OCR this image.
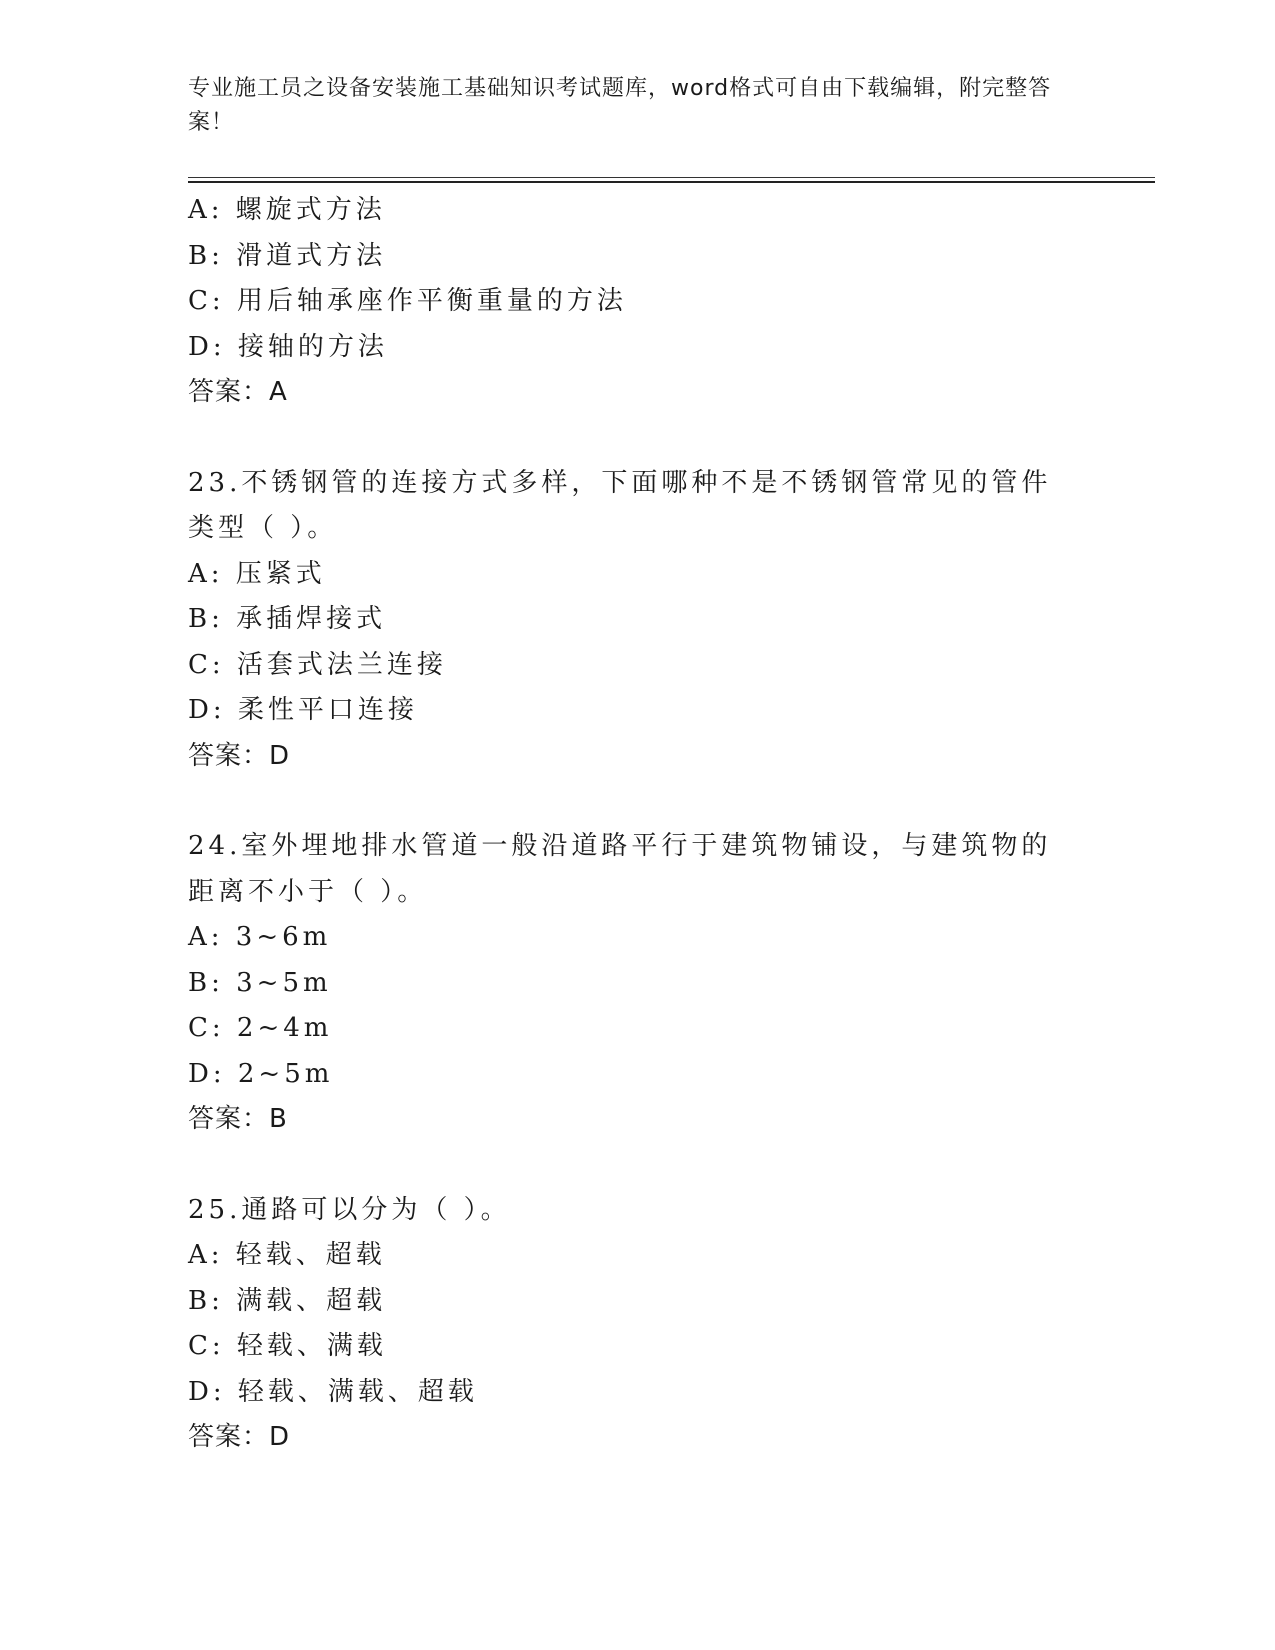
专业施工员之设备安装施工基础知识考试题库，word格式可自由下载编辑，附完整答案！
A: 螺旋式方法
B: 滑道式方法
C: 用后轴承座作平衡重量的方法
D: 接轴的方法
答案：A
23.不锈钢管的连接方式多样，下面哪种不是不锈钢管常见的管件类型（ ）。
A: 压紧式
B: 承插焊接式
C: 活套式法兰连接
D: 柔性平口连接
答案：D
24.室外埋地排水管道一般沿道路平行于建筑物铺设，与建筑物的距离不小于（ ）。
A: 3~6m
B: 3~5m
C: 2~4m
D: 2~5m
答案：B
25.通路可以分为（ ）。
A: 轻载、超载
B: 满载、超载
C: 轻载、满载
D: 轻载、满载、超载
答案：D
